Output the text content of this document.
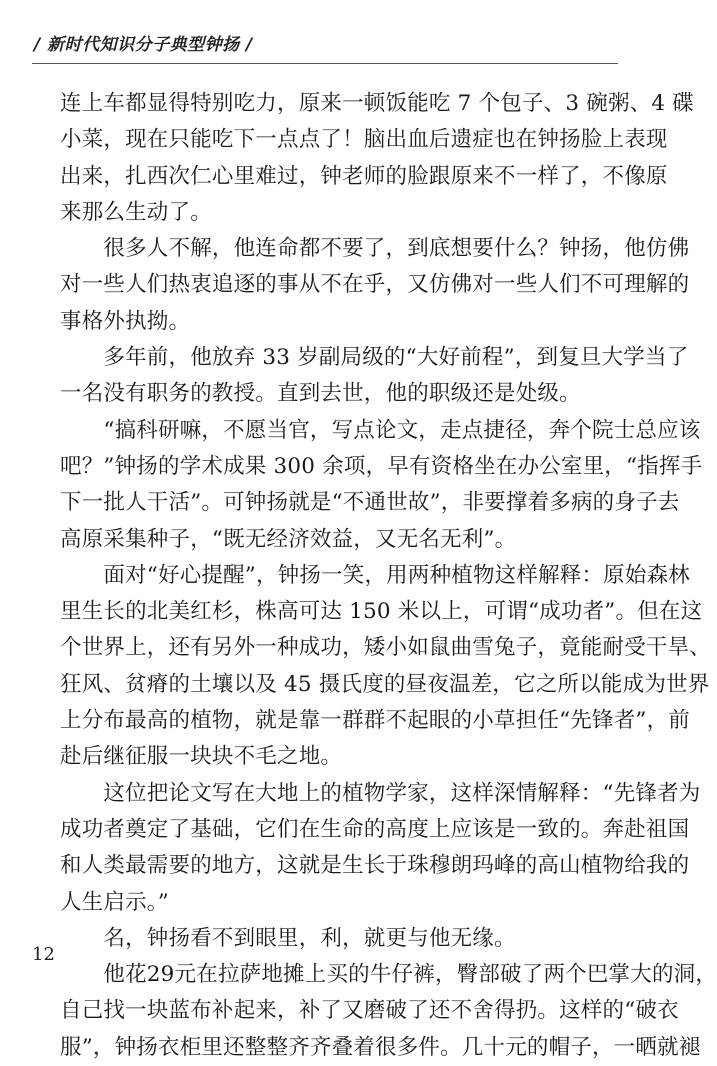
/ 新时代知识分子典型钟扬 /
连上车都显得特别吃力，原来一顿饭能吃 7 个包子、3 碗粥、4 碟
小菜，现在只能吃下一点点了！脑出血后遗症也在钟扬脸上表现
出来，扎西次仁心里难过，钟老师的脸跟原来不一样了，不像原
来那么生动了。
　　很多人不解，他连命都不要了，到底想要什么？钟扬，他仿佛
对一些人们热衷追逐的事从不在乎，又仿佛对一些人们不可理解的
事格外执拗。
　　多年前，他放弃 33 岁副局级的“大好前程”，到复旦大学当了
一名没有职务的教授。直到去世，他的职级还是处级。
　　“搞科研嘛，不愿当官，写点论文，走点捷径，奔个院士总应该
吧？”钟扬的学术成果 300 余项，早有资格坐在办公室里，“指挥手
下一批人干活”。可钟扬就是“不通世故”，非要撑着多病的身子去
高原采集种子，“既无经济效益，又无名无利”。
　　面对“好心提醒”，钟扬一笑，用两种植物这样解释：原始森林
里生长的北美红杉，株高可达 150 米以上，可谓“成功者”。但在这
个世界上，还有另外一种成功，矮小如鼠曲雪兔子，竟能耐受干旱、
狂风、贫瘠的土壤以及 45 摄氏度的昼夜温差，它之所以能成为世界
上分布最高的植物，就是靠一群群不起眼的小草担任“先锋者”，前
赴后继征服一块块不毛之地。
　　这位把论文写在大地上的植物学家，这样深情解释：“先锋者为
成功者奠定了基础，它们在生命的高度上应该是一致的。奔赴祖国
和人类最需要的地方，这就是生长于珠穆朗玛峰的高山植物给我的
人生启示。”
　　名，钟扬看不到眼里，利，就更与他无缘。
　　他花29元在拉萨地摊上买的牛仔裤，臀部破了两个巴掌大的洞，
自己找一块蓝布补起来，补了又磨破了还不舍得扔。这样的“破衣
服”，钟扬衣柜里还整整齐齐叠着很多件。几十元的帽子，一晒就褪
12
